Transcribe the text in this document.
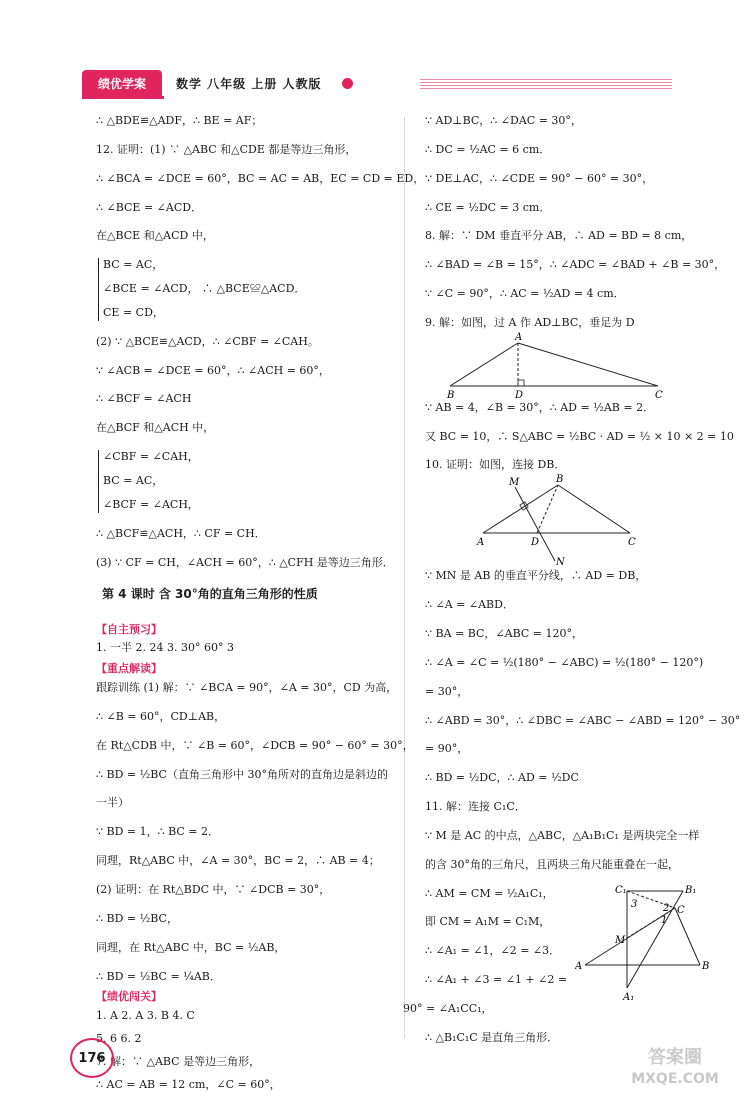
绩优学案	数学 八年级 上册 人教版

∴ △BDE≌△ADF，∴ BE = AF；

12. 证明：(1) ∵ △ABC 和△CDE 都是等边三角形，

∴ ∠BCA = ∠DCE = 60°，BC = AC = AB，EC = CD = ED，

∴ ∠BCE = ∠ACD．

在△BCE 和△ACD 中，

BC = AC，

∠BCE = ∠ACD， ∴ △BCE≌△ACD．

CE = CD，

(2) ∵ △BCE≌△ACD，∴ ∠CBF = ∠CAH。

∵ ∠ACB = ∠DCE = 60°，∴ ∠ACH = 60°，

∴ ∠BCF = ∠ACH

在△BCF 和△ACH 中，

∠CBF = ∠CAH，

BC = AC，

∠BCF = ∠ACH，

∴ △BCF≌△ACH，∴ CF = CH．

(3) ∵ CF = CH，∠ACH = 60°，∴ △CFH 是等边三角形．

第 4 课时 含 30°角的直角三角形的性质
【自主预习】

1. 一半 2. 24 3. 30° 60° 3

【重点解读】

跟踪训练 (1) 解：∵ ∠BCA = 90°，∠A = 30°，CD 为高，

∴ ∠B = 60°，CD⊥AB，

在 Rt△CDB 中，∵ ∠B = 60°，∠DCB = 90° − 60° = 30°，

∴ BD = ½BC（直角三角形中 30°角所对的直角边是斜边的

一半）

∵ BD = 1，∴ BC = 2．

同理，Rt△ABC 中，∠A = 30°，BC = 2，∴ AB = 4；

(2) 证明：在 Rt△BDC 中，∵ ∠DCB = 30°，

∴ BD = ½BC，

同理，在 Rt△ABC 中，BC = ½AB，

∴ BD = ½BC = ¼AB．

【绩优闯关】

1. A 2. A 3. B 4. C

5. 6 6. 2

7. 解：∵ △ABC 是等边三角形，

∴ AC = AB = 12 cm，∠C = 60°，

∵ AD⊥BC，∴ ∠DAC = 30°，

∴ DC = ½AC = 6 cm．

∵ DE⊥AC，∴ ∠CDE = 90° − 60° = 30°，

∴ CE = ½DC = 3 cm．

8. 解：∵ DM 垂直平分 AB，∴ AD = BD = 8 cm，

∴ ∠BAD = ∠B = 15°，∴ ∠ADC = ∠BAD + ∠B = 30°，

∵ ∠C = 90°，∴ AC = ½AD = 4 cm．

9. 解：如图，过 A 作 AD⊥BC，垂足为 D

A
B	D	C

∵ AB = 4，∠B = 30°，∴ AD = ½AB = 2．

又 BC = 10，∴ S△ABC = ½BC · AD = ½ × 10 × 2 = 10

10. 证明：如图，连接 DB．

M	B
A	D	C
N

∵ MN 是 AB 的垂直平分线，∴ AD = DB，

∴ ∠A = ∠ABD．

∵ BA = BC，∠ABC = 120°，

∴ ∠A = ∠C = ½(180° − ∠ABC) = ½(180° − 120°)

= 30°，

∴ ∠ABD = 30°，∴ ∠DBC = ∠ABC − ∠ABD = 120° − 30°

= 90°，

∴ BD = ½DC，∴ AD = ½DC

11. 解：连接 C₁C．

∵ M 是 AC 的中点，△ABC，△A₁B₁C₁ 是两块完全一样

的含 30°角的三角尺，且两块三角尺能重叠在一起，

∴ AM = CM = ½A₁C₁，

即 CM = A₁M = C₁M，

∴ ∠A₁ = ∠1，∠2 = ∠3．

∴ ∠A₁ + ∠3 = ∠1 + ∠2 =

90° = ∠A₁CC₁，

∴ △B₁C₁C 是直角三角形．

C₁	B₁
3	2 C
M
1
A	B
A₁
176	答案圈
MXQE.COM
